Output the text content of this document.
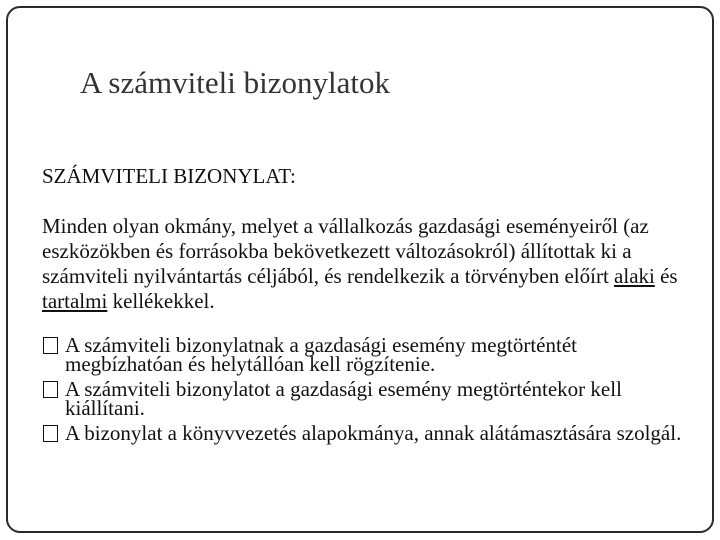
A számviteli bizonylatok

SZÁMVITELI BIZONYLAT:

Minden olyan okmány, melyet a vállalkozás gazdasági eseményeiről (az eszközökben és forrásokba bekövetkezett változásokról) állítottak ki a számviteli nyilvántartás céljából, és rendelkezik a törvényben előírt alaki és tartalmi kellékekkel.

A számviteli bizonylatnak a gazdasági esemény megtörténtét megbízhatóan és helytállóan kell rögzítenie.
A számviteli bizonylatot a gazdasági esemény megtörténtekor kell kiállítani.
A bizonylat a könyvvezetés alapokmánya, annak alátámasztására szolgál.
